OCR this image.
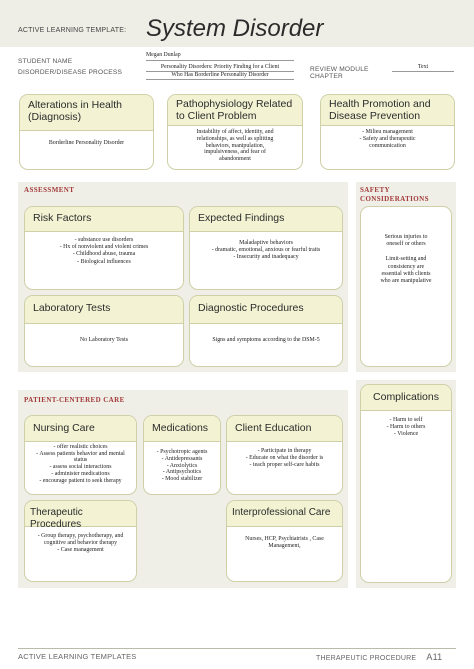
ACTIVE LEARNING TEMPLATE: System Disorder
STUDENT NAME
Megan Dunlap
DISORDER/DISEASE PROCESS
Personality Disorders: Priority Finding for a Client
Who Has Borderline Personality Disorder
REVIEW MODULE
CHAPTER
Text
Alterations in Health
(Diagnosis)
Borderline Personality Disorder
Pathophysiology Related
to Client Problem
Instability of affect, identity, and
relationships, as well as splitting
behaviors, manipulation,
impulsiveness, and fear of
abandonment
Health Promotion and
Disease Prevention
- Milieu management
- Safety and therapeutic
communication
ASSESSMENT
Risk Factors
- substance use disorders
- Hx of nonviolent and violent crimes
- Childhood abuse, trauma
- Biological influences
Expected Findings
Maladaptive behaviors
- dramatic, emotional, anxious or fearful traits
- Insecurity and inadequacy
Laboratory Tests
No Laboratory Tests
Diagnostic Procedures
Signs and symptoms according to the DSM-5
SAFETY
CONSIDERATIONS
Serious injuries to
oneself or others
Limit-setting and
consistency are
essential with clients
who are manipulative
PATIENT-CENTERED CARE
Nursing Care
- offer realistic choices
- Assess patients behavior and mental
status
- assess social interactions
- administer medications
- encourage patient to seek therapy
Medications
- Psychotropic agents
- Antidepressants
- Anxiolytics
- Antipsychotics
- Mood stabilizer
Client Education
- Participate in therapy
- Educate on what the disorder is
- teach proper self-care habits
Therapeutic Procedures
- Group therapy, psychotherapy, and
cognitive and behavior therapy
- Case management
Interprofessional Care
Nurses, HCP, Psychiatrists , Case
Management,
Complications
- Harm to self
- Harm to others
- Violence
ACTIVE LEARNING TEMPLATES	THERAPEUTIC PROCEDURE A11
